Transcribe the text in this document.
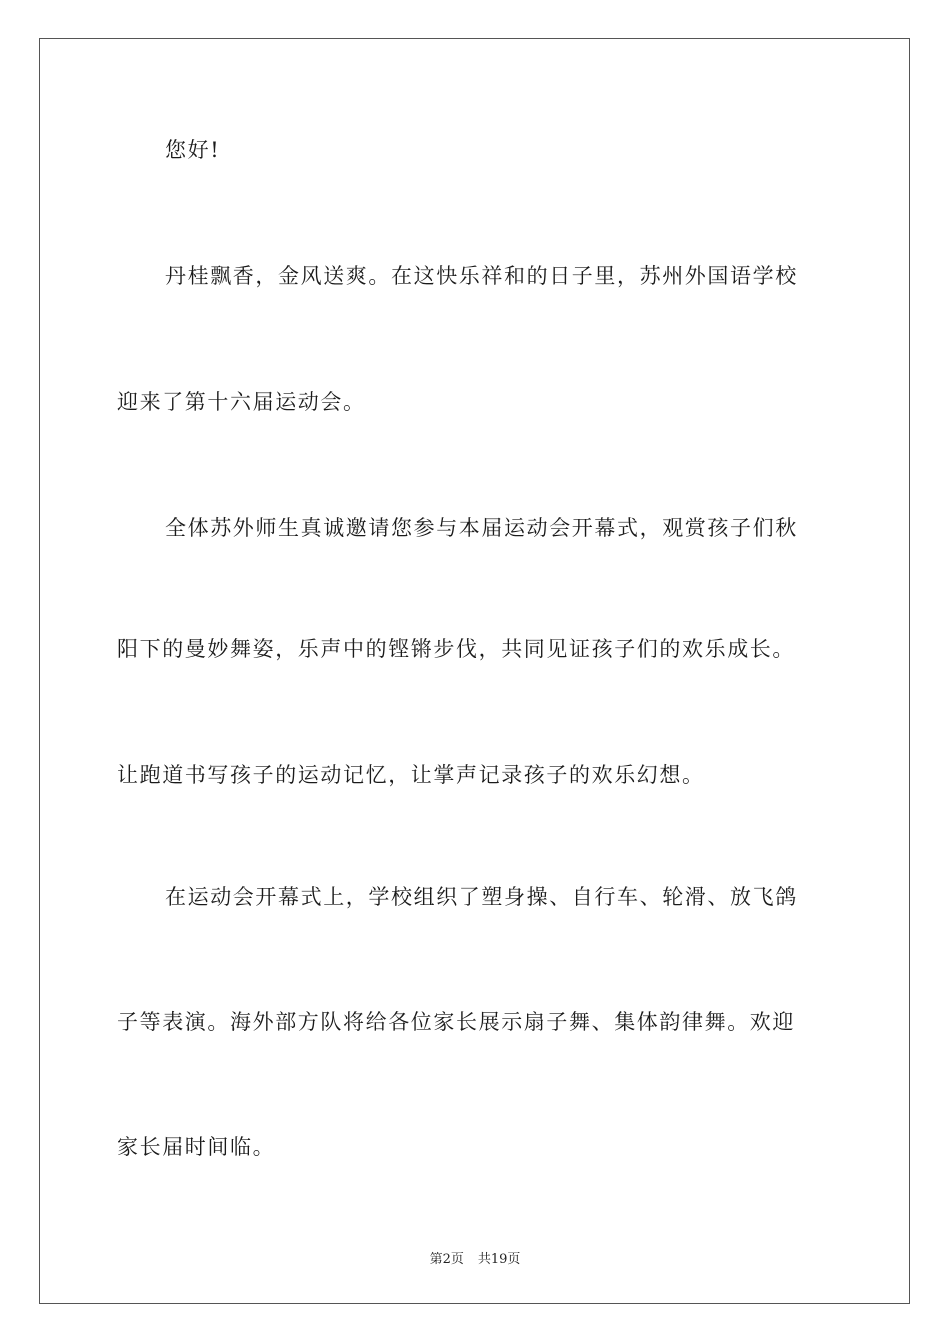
您好!
丹桂飘香，金风送爽。在这快乐祥和的日子里，苏州外国语学校
迎来了第十六届运动会。
全体苏外师生真诚邀请您参与本届运动会开幕式，观赏孩子们秋
阳下的曼妙舞姿，乐声中的铿锵步伐，共同见证孩子们的欢乐成长。
让跑道书写孩子的运动记忆，让掌声记录孩子的欢乐幻想。
在运动会开幕式上，学校组织了塑身操、自行车、轮滑、放飞鸽
子等表演。海外部方队将给各位家长展示扇子舞、集体韵律舞。欢迎
家长届时间临。
第2页 共19页
